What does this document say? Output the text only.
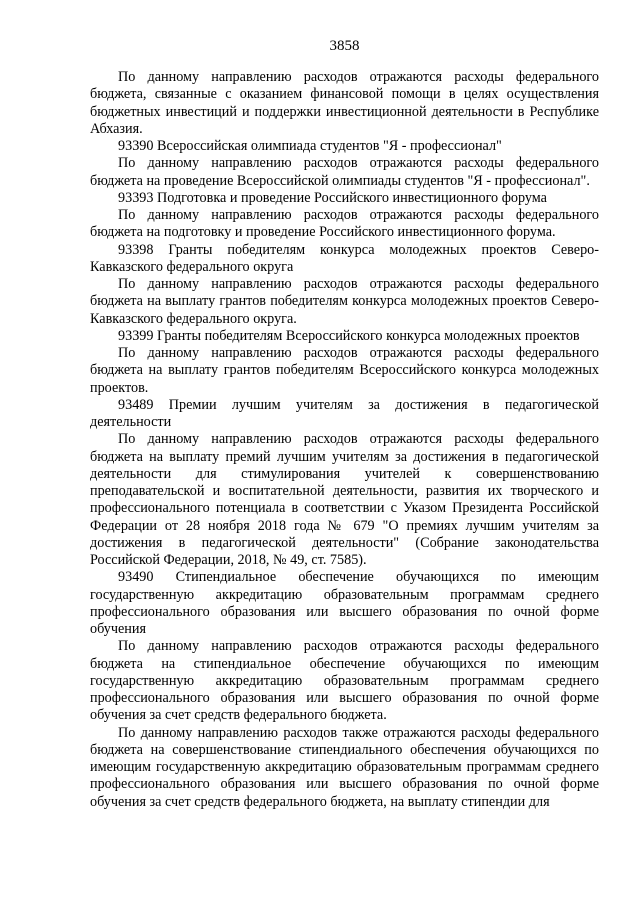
3858

По данному направлению расходов отражаются расходы федерального бюджета, связанные с оказанием финансовой помощи в целях осуществления бюджетных инвестиций и поддержки инвестиционной деятельности в Республике Абхазия.

93390 Всероссийская олимпиада студентов "Я - профессионал"

По данному направлению расходов отражаются расходы федерального бюджета на проведение Всероссийской олимпиады студентов "Я - профессионал".

93393 Подготовка и проведение Российского инвестиционного форума

По данному направлению расходов отражаются расходы федерального бюджета на подготовку и проведение Российского инвестиционного форума.

93398 Гранты победителям конкурса молодежных проектов Северо-Кавказского федерального округа

По данному направлению расходов отражаются расходы федерального бюджета на выплату грантов победителям конкурса молодежных проектов Северо-Кавказского федерального округа.

93399 Гранты победителям Всероссийского конкурса молодежных проектов

По данному направлению расходов отражаются расходы федерального бюджета на выплату грантов победителям Всероссийского конкурса молодежных проектов.

93489 Премии лучшим учителям за достижения в педагогической деятельности

По данному направлению расходов отражаются расходы федерального бюджета на выплату премий лучшим учителям за достижения в педагогической деятельности для стимулирования учителей к совершенствованию преподавательской и воспитательной деятельности, развития их творческого и профессионального потенциала в соответствии с Указом Президента Российской Федерации от 28 ноября 2018 года № 679 "О премиях лучшим учителям за достижения в педагогической деятельности" (Собрание законодательства Российской Федерации, 2018, № 49, ст. 7585).

93490 Стипендиальное обеспечение обучающихся по имеющим государственную аккредитацию образовательным программам среднего профессионального образования или высшего образования по очной форме обучения

По данному направлению расходов отражаются расходы федерального бюджета на стипендиальное обеспечение обучающихся по имеющим государственную аккредитацию образовательным программам среднего профессионального образования или высшего образования по очной форме обучения за счет средств федерального бюджета.

По данному направлению расходов также отражаются расходы федерального бюджета на совершенствование стипендиального обеспечения обучающихся по имеющим государственную аккредитацию образовательным программам среднего профессионального образования или высшего образования по очной форме обучения за счет средств федерального бюджета, на выплату стипендии для
